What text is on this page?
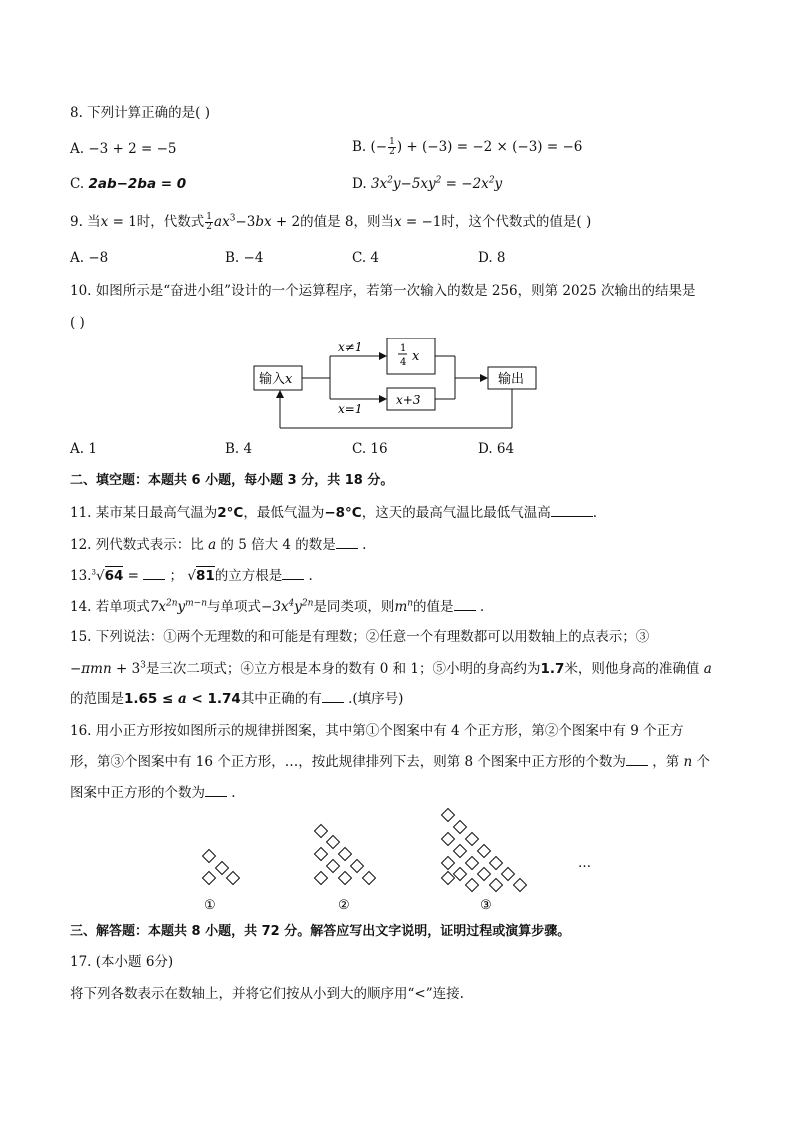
8. 下列计算正确的是( )
A. −3 + 2 = −5	B. (− $\frac{1}{2}$ ) + (−3) = −2 × (−3) = −6
C. 2ab−2ba = 0	D. $3x^2y-5xy^2 = -2x^2y$
9. 当x = 1时，代数式 $\frac{1}{2} ax^3-3bx + 2$的值是 8，则当x = −1时，这个代数式的值是( )
A. −8	B. −4	C. 4	D. 8
10. 如图所示是“奋进小组”设计的一个运算程序，若第一次输入的数是 256，则第 2025 次输出的结果是
( )
输入x
x≠1
x=1
1
4 x
x+3
输出
A. 1	B. 4	C. 16	D. 64
二、填空题：本题共 6 小题，每小题 3 分，共 18 分。
11. 某市某日最高气温为2°C，最低气温为−8°C，这天的最高气温比最低气温高	.
12. 列代数式表示：比 a 的 5 倍大 4 的数是 .
13.$^3$√64 =  ； √81的立方根是 .
14. 若单项式$7x^{2n}y^{m-n}$与单项式$-3x^4y^{2n}$是同类项，则$m^n$的值是 .
15. 下列说法：①两个无理数的和可能是有理数；②任意一个有理数都可以用数轴上的点表示；③
$-\pi mn + 3^3$是三次二项式；④立方根是本身的数有 0 和 1；⑤小明的身高约为1.7米，则他身高的准确值 a
的范围是1.65 ≤ a < 1.74其中正确的有 .(填序号)
16. 用小正方形按如图所示的规律拼图案，其中第①个图案中有 4 个正方形，第②个图案中有 9 个正方
形，第③个图案中有 16 个正方形，…，按此规律排列下去，则第 8 个图案中正方形的个数为 ，第 n 个
图案中正方形的个数为 .
①	②	③
…
三、解答题：本题共 8 小题，共 72 分。解答应写出文字说明，证明过程或演算步骤。
17. (本小题 6分)
将下列各数表示在数轴上，并将它们按从小到大的顺序用“<”连接.
